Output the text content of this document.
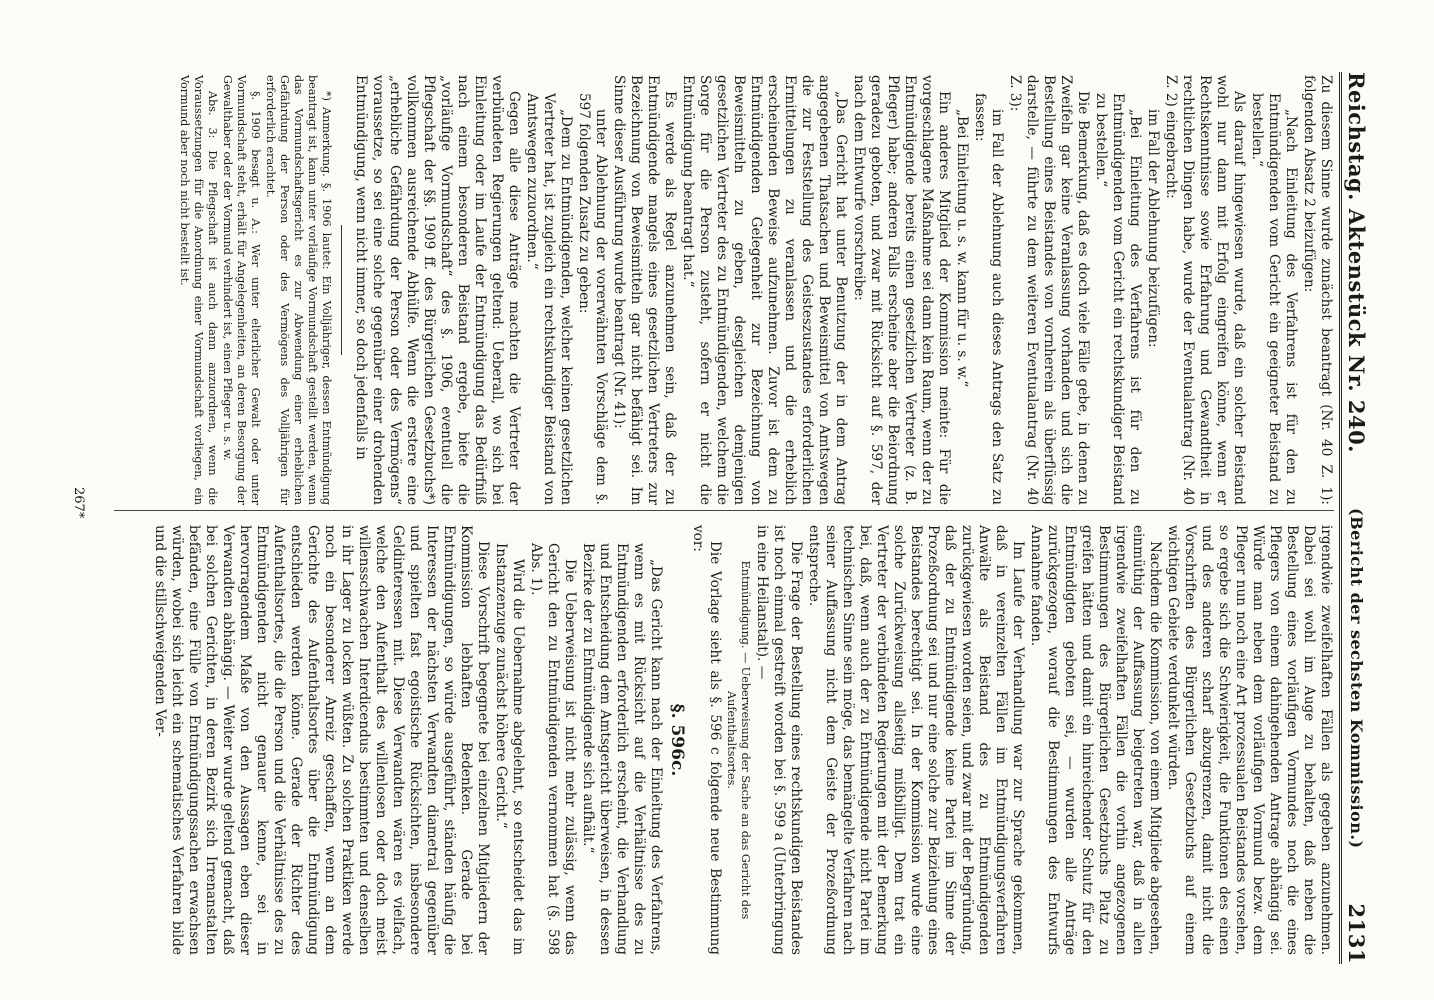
Reichstag. Aktenstück Nr. 240.
(Bericht der sechsten Kommission.)
2131

Zu diesem Sinne wurde zunächst beantragt (Nr. 40 Z. 1): folgenden Absatz 2 beizufügen:

„Nach Einleitung des Verfahrens ist für den zu Entmündigenden vom Gericht ein geeigneter Beistand zu bestellen.“

Als darauf hingewiesen wurde, daß ein solcher Beistand wohl nur dann mit Erfolg eingreifen könne, wenn er Rechtskenntnisse sowie Erfahrung und Gewandtheit in rechtlichen Dingen habe, wurde der Eventualantrag (Nr. 40 Z. 2) eingebracht:

im Fall der Ablehnung beizufügen:

„Bei Einleitung des Verfahrens ist für den zu Entmündigenden vom Gericht ein rechtskundiger Beistand zu bestellen.“

Die Bemerkung, daß es doch viele Fälle gebe, in denen zu Zweifeln gar keine Veranlassung vorhanden und sich die Bestellung eines Beistandes von vornherein als überflüssig darstelle, — führte zu dem weiteren Eventualantrag (Nr. 40 Z. 3):

im Fall der Ablehnung auch dieses Antrags den Satz zu fassen:

„Bei Einleitung u. s. w. kann für u. s. w.“

Ein anderes Mitglied der Kommission meinte: Für die vorgeschlagene Maßnahme sei dann kein Raum, wenn der zu Entmündigende bereits einen gesetzlichen Vertreter (z. B. Pfleger) habe; anderen Falls erscheine aber die Beiordnung geradezu geboten, und zwar mit Rücksicht auf §. 597, der nach dem Entwurfe vorschreibe:

„Das Gericht hat unter Benutzung der in dem Antrag angegebenen Thatsachen und Beweismittel von Amtswegen die zur Feststellung des Geisteszustandes erforderlichen Ermittelungen zu veranlassen und die erheblich erscheinenden Beweise aufzunehmen. Zuvor ist dem zu Entmündigenden Gelegenheit zur Bezeichnung von Beweismitteln zu geben, desgleichen demjenigen gesetzlichen Vertreter des zu Entmündigenden, welchem die Sorge für die Person zusteht, sofern er nicht die Entmündigung beantragt hat.“

Es werde als Regel anzunehmen sein, daß der zu Entmündigende mangels eines gesetzlichen Vertreters zur Bezeichnung von Beweismitteln gar nicht befähigt sei. Im Sinne dieser Ausführung wurde beantragt (Nr. 41):

unter Ablehnung der vorerwähnten Vorschläge dem §. 597 folgenden Zusatz zu geben:

„Dem zu Entmündigenden, welcher keinen gesetzlichen Vertreter hat, ist zugleich ein rechtskundiger Beistand von Amtswegen zuzuordnen.“

Gegen alle diese Anträge machten die Vertreter der verbündeten Regierungen geltend: Ueberall, wo sich bei Einleitung oder im Laufe der Entmündigung das Bedürfniß nach einem besonderen Beistand ergebe, biete die „vorläufige Vormundschaft“ des §. 1906, eventuell die Pflegschaft der §§. 1909 ff. des Bürgerlichen Gesetzbuchs*) vollkommen ausreichende Abhülfe. Wenn die erstere eine „erhebliche Gefährdung der Person oder des Vermögens“ voraussetze, so sei eine solche gegenüber einer drohenden Entmündigung, wenn nicht immer, so doch jedenfalls in

*) Anmerkung. §. 1906 lautet: Ein Volljähriger, dessen Entmündigung beantragt ist, kann unter vorläufige Vormundschaft gestellt werden, wenn das Vormundschaftsgericht es zur Abwendung einer erheblichen Gefährdung der Person oder des Vermögens des Volljährigen für erforderlich erachtet.

§. 1909 besagt u. A.: Wer unter elterlicher Gewalt oder unter Vormundschaft steht, erhält für Angelegenheiten, an deren Besorgung der Gewalthaber oder der Vormund verhindert ist, einen Pfleger u. s. w.

Abs. 3: Die Pflegschaft ist auch dann anzuordnen, wenn die Voraussetzungen für die Anordnung einer Vormundschaft vorliegen, ein Vormund aber noch nicht bestellt ist.

irgendwie zweifelhaften Fällen als gegeben anzunehmen. Dabei sei wohl im Auge zu behalten, daß neben die Bestellung eines vorläufigen Vormundes noch die eines Pflegers von einem dahingehenden Antrage abhängig sei. Würde man neben dem vorläufigen Vormund bezw. dem Pfleger nun noch eine Art prozessualen Beistandes vorsehen, so ergebe sich die Schwierigkeit, die Funktionen des einen und des anderen scharf abzugrenzen, damit nicht die Vorschriften des Bürgerlichen Gesetzbuchs auf einem wichtigen Gebiete verdunkelt würden.

Nachdem die Kommission, von einem Mitgliede abgesehen, einmüthig der Auffassung beigetreten war, daß in allen irgendwie zweifelhaften Fällen die vorhin angezogenen Bestimmungen des Bürgerlichen Gesetzbuchs Platz zu greifen hätten und damit ein hinreichender Schutz für den Entmündigten geboten sei, — wurden alle Anträge zurückgezogen, worauf die Bestimmungen des Entwurfs Annahme fanden.

Im Laufe der Verhandlung war zur Sprache gekommen, daß in vereinzelten Fällen im Entmündigungsverfahren Anwälte als Beistand des zu Entmündigenden zurückgewiesen worden seien, und zwar mit der Begründung, daß der zu Entmündigende keine Partei im Sinne der Prozeßordnung sei und nur eine solche zur Beiziehung eines Beistandes berechtigt sei. In der Kommission wurde eine solche Zurückweisung allseitig mißbilligt. Dem trat ein Vertreter der verbündeten Regierungen mit der Bemerkung bei, daß, wenn auch der zu Entmündigende nicht Partei im technischen Sinne sein möge, das bemängelte Verfahren nach seiner Auffassung nicht dem Geiste der Prozeßordnung entspreche.

Die Frage der Bestellung eines rechtskundigen Beistandes ist noch einmal gestreift worden bei §. 599 a (Unterbringung in eine Heilanstalt). —

Entmündigung. — Ueberweisung der Sache an das Gericht des Aufenthaltsortes.

Die Vorlage sieht als §. 596 c folgende neue Bestimmung vor:

§. 596c.

„Das Gericht kann nach der Einleitung des Verfahrens, wenn es mit Rücksicht auf die Verhältnisse des zu Entmündigenden erforderlich erscheint, die Verhandlung und Entscheidung dem Amtsgericht überweisen, in dessen Bezirke der zu Entmündigende sich aufhält.“

Die Ueberweisung ist nicht mehr zulässig, wenn das Gericht den zu Entmündigenden vernommen hat (§. 598 Abs. 1).

Wird die Uebernahme abgelehnt, so entscheidet das im Instanzenzuge zunächst höhere Gericht.“

Diese Vorschrift begegnete bei einzelnen Mitgliedern der Kommission lebhaften Bedenken. Gerade bei Entmündigungen, so würde ausgeführt, ständen häufig die Interessen der nächsten Verwandten diametral gegenüber und spielten fast egoistische Rücksichten, insbesondere Geldinteressen mit. Diese Verwandten wären es vielfach, welche den Aufenthalt des willenlosen oder doch meist willensschwachen Interdicendus bestimmten und denselben in ihr Lager zu locken wüßten. Zu solchen Praktiken werde noch ein besonderer Anreiz geschaffen, wenn an dem Gerichte des Aufenthaltsortes über die Entmündigung entschieden werden könne. Gerade der Richter des Aufenthaltsortes, die die Person und die Verhältnisse des zu Entmündigenden nicht genauer kenne, sei in hervorragendem Maße von den Aussagen eben dieser Verwandten abhängig. — Weiter wurde geltend gemacht, daß bei solchen Gerichten, in deren Bezirk sich Irrenanstalten befänden, eine Fülle von Entmündigungssachen erwachsen würden, wobei sich leicht ein schematisches Verfahren bilde und die stillschweigenden Ver-

267*
